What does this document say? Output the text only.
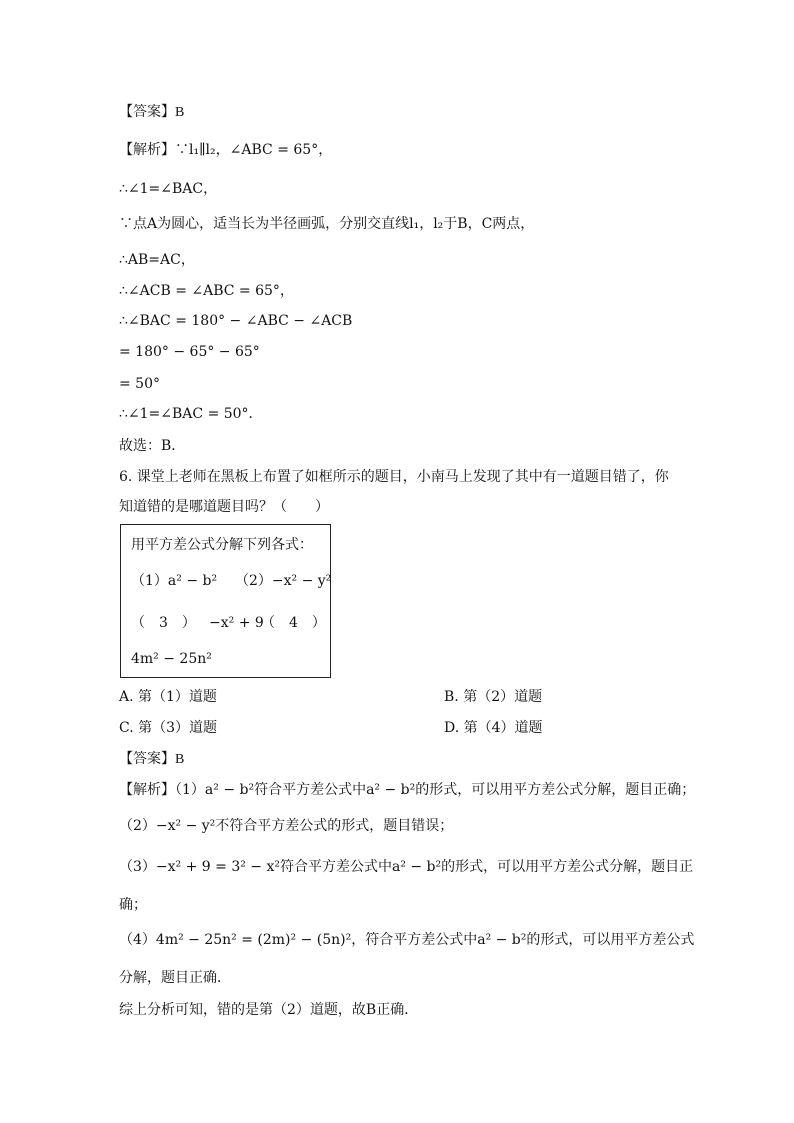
【答案】B
【解析】∵l₁∥l₂，∠ABC = 65°，
∴∠1=∠BAC，
∵点A为圆心，适当长为半径画弧，分别交直线l₁，l₂于B，C两点，
∴AB=AC，
∴∠ACB = ∠ABC = 65°，
∴∠BAC = 180° − ∠ABC − ∠ACB
= 180° − 65° − 65°
= 50°
∴∠1=∠BAC = 50°．
故选：B．
6. 课堂上老师在黑板上布置了如框所示的题目，小南马上发现了其中有一道题目错了，你
知道错的是哪道题目吗？（　　）
用平方差公式分解下列各式：
（1）a² − b² （2）−x² − y²
（　3　） −x² + 9
（　4　）
4m² − 25n²
A. 第（1）道题	B. 第（2）道题
C. 第（3）道题	D. 第（4）道题
【答案】B
【解析】（1）a² − b²符合平方差公式中a² − b²的形式，可以用平方差公式分解，题目正确；
（2）−x² − y²不符合平方差公式的形式，题目错误；
（3）−x² + 9 = 3² − x²符合平方差公式中a² − b²的形式，可以用平方差公式分解，题目正
确；
（4）4m² − 25n² = (2m)² − (5n)²，符合平方差公式中a² − b²的形式，可以用平方差公式
分解，题目正确．
综上分析可知，错的是第（2）道题，故B正确．
